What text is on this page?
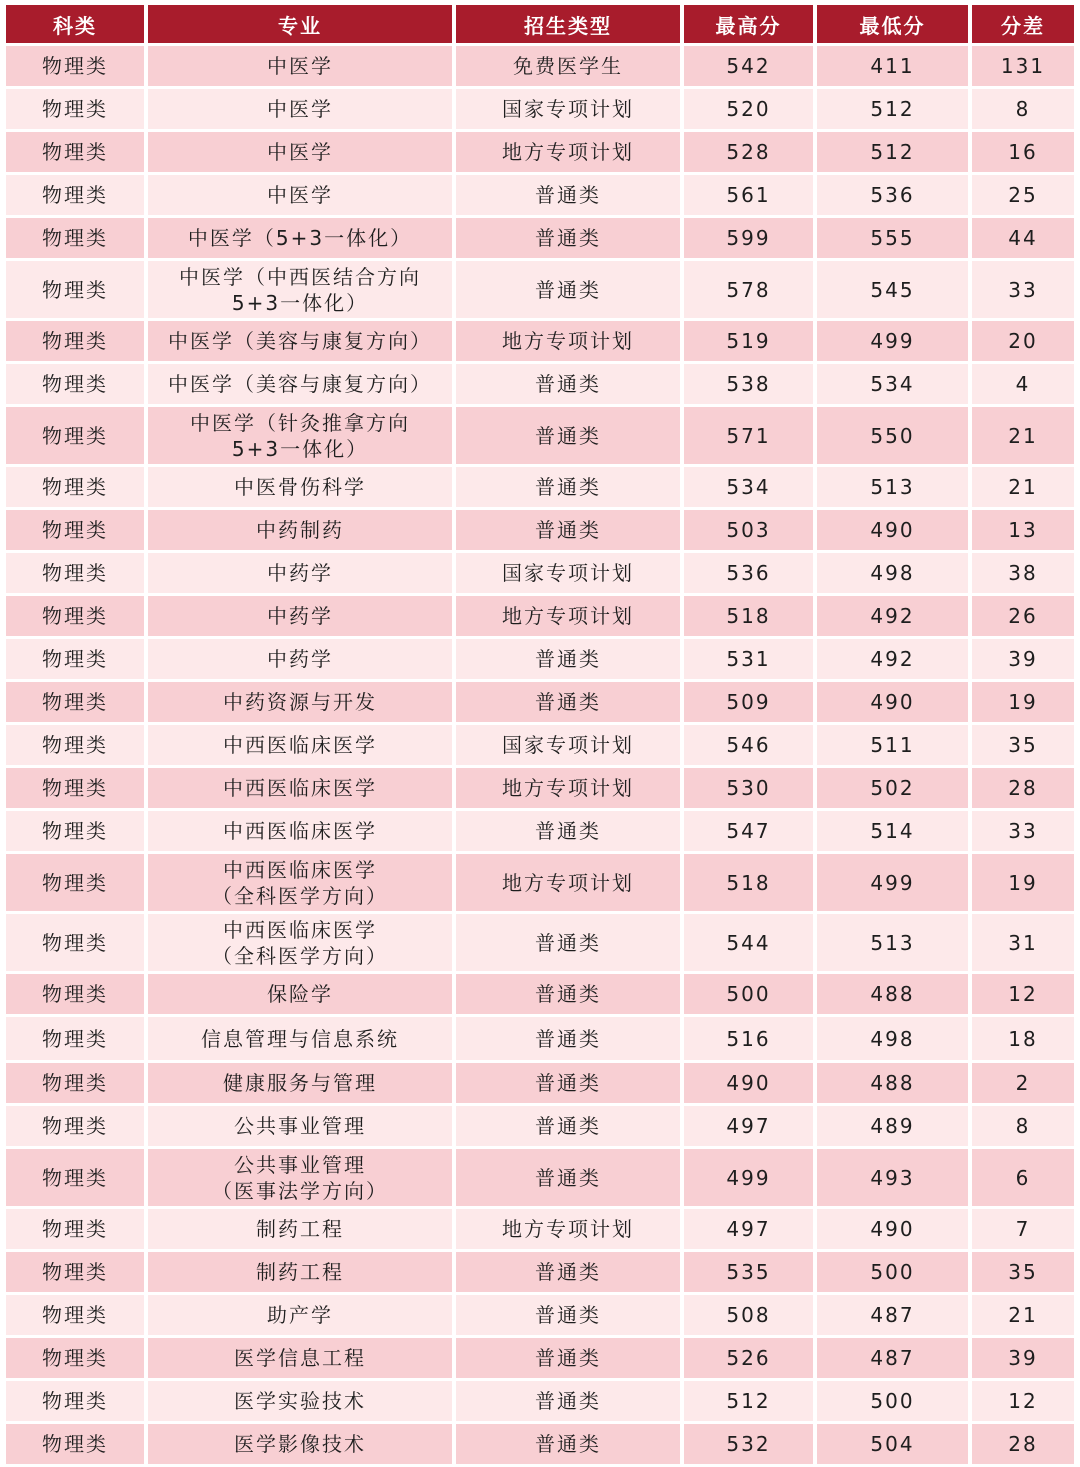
科类	专业	招生类型	最高分	最低分	分差
物理类	中医学	免费医学生	542	411	131
物理类	中医学	国家专项计划	520	512	8
物理类	中医学	地方专项计划	528	512	16
物理类	中医学	普通类	561	536	25
物理类	中医学（5+3一体化）	普通类	599	555	44
物理类	中医学（中西医结合方向
5+3一体化）	普通类	578	545	33
物理类	中医学（美容与康复方向）	地方专项计划	519	499	20
物理类	中医学（美容与康复方向）	普通类	538	534	4
物理类	中医学（针灸推拿方向
5+3一体化）	普通类	571	550	21
物理类	中医骨伤科学	普通类	534	513	21
物理类	中药制药	普通类	503	490	13
物理类	中药学	国家专项计划	536	498	38
物理类	中药学	地方专项计划	518	492	26
物理类	中药学	普通类	531	492	39
物理类	中药资源与开发	普通类	509	490	19
物理类	中西医临床医学	国家专项计划	546	511	35
物理类	中西医临床医学	地方专项计划	530	502	28
物理类	中西医临床医学	普通类	547	514	33
物理类	中西医临床医学
（全科医学方向）	地方专项计划	518	499	19
物理类	中西医临床医学
（全科医学方向）	普通类	544	513	31
物理类	保险学	普通类	500	488	12
物理类	信息管理与信息系统	普通类	516	498	18
物理类	健康服务与管理	普通类	490	488	2
物理类	公共事业管理	普通类	497	489	8
物理类	公共事业管理
（医事法学方向）	普通类	499	493	6
物理类	制药工程	地方专项计划	497	490	7
物理类	制药工程	普通类	535	500	35
物理类	助产学	普通类	508	487	21
物理类	医学信息工程	普通类	526	487	39
物理类	医学实验技术	普通类	512	500	12
物理类	医学影像技术	普通类	532	504	28
